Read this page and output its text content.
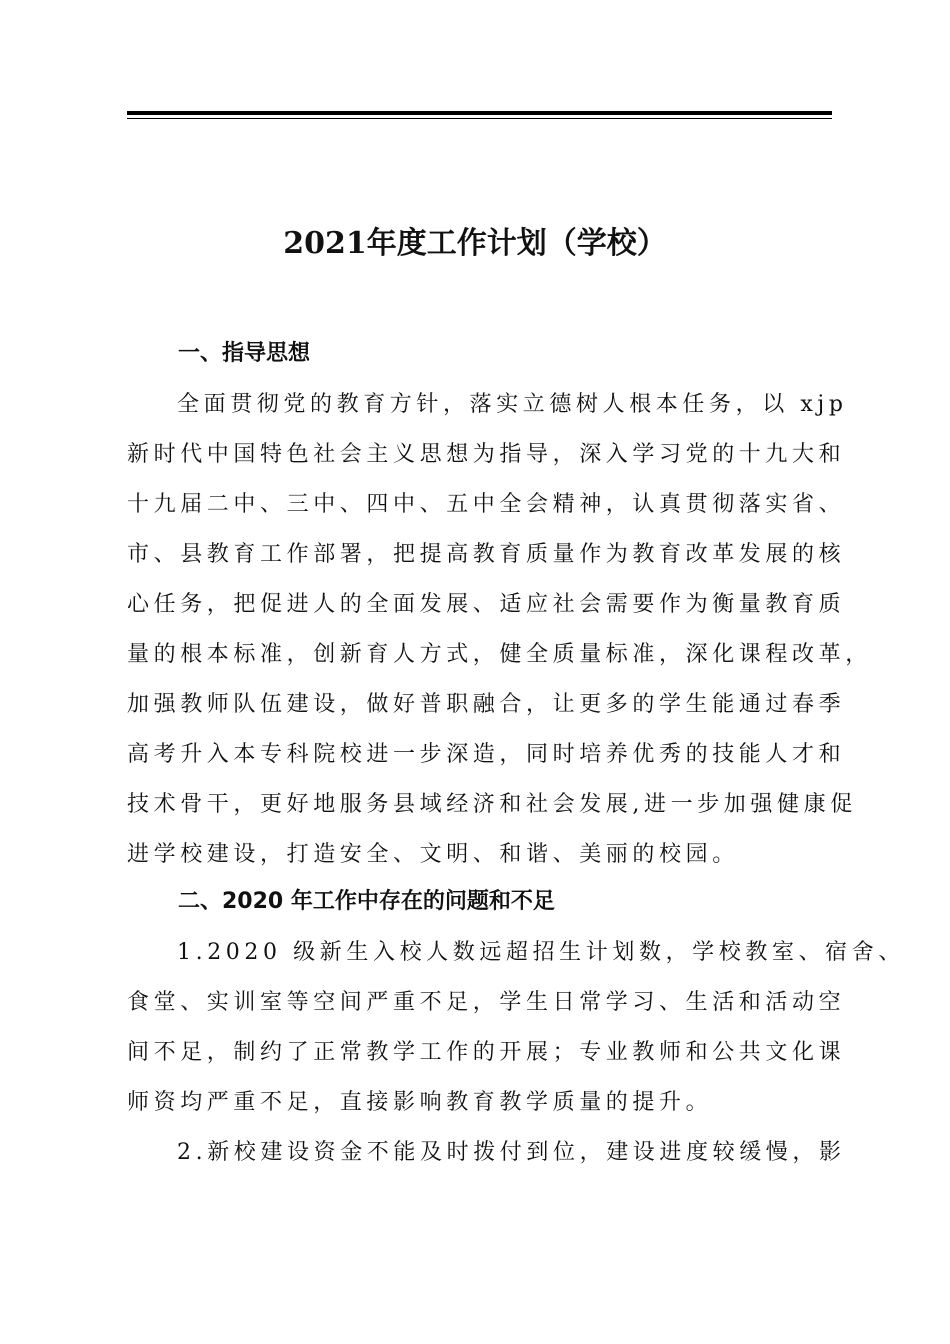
2021年度工作计划（学校）
一、指导思想
全面贯彻党的教育方针，落实立德树人根本任务，以 xjp
新时代中国特色社会主义思想为指导，深入学习党的十九大和
十九届二中、三中、四中、五中全会精神，认真贯彻落实省、
市、县教育工作部署，把提高教育质量作为教育改革发展的核
心任务，把促进人的全面发展、适应社会需要作为衡量教育质
量的根本标准，创新育人方式，健全质量标准，深化课程改革，
加强教师队伍建设，做好普职融合，让更多的学生能通过春季
高考升入本专科院校进一步深造，同时培养优秀的技能人才和
技术骨干，更好地服务县域经济和社会发展,进一步加强健康促
进学校建设，打造安全、文明、和谐、美丽的校园。
二、2020 年工作中存在的问题和不足
1.2020 级新生入校人数远超招生计划数，学校教室、宿舍、
食堂、实训室等空间严重不足，学生日常学习、生活和活动空
间不足，制约了正常教学工作的开展；专业教师和公共文化课
师资均严重不足，直接影响教育教学质量的提升。
2.新校建设资金不能及时拨付到位，建设进度较缓慢，影
